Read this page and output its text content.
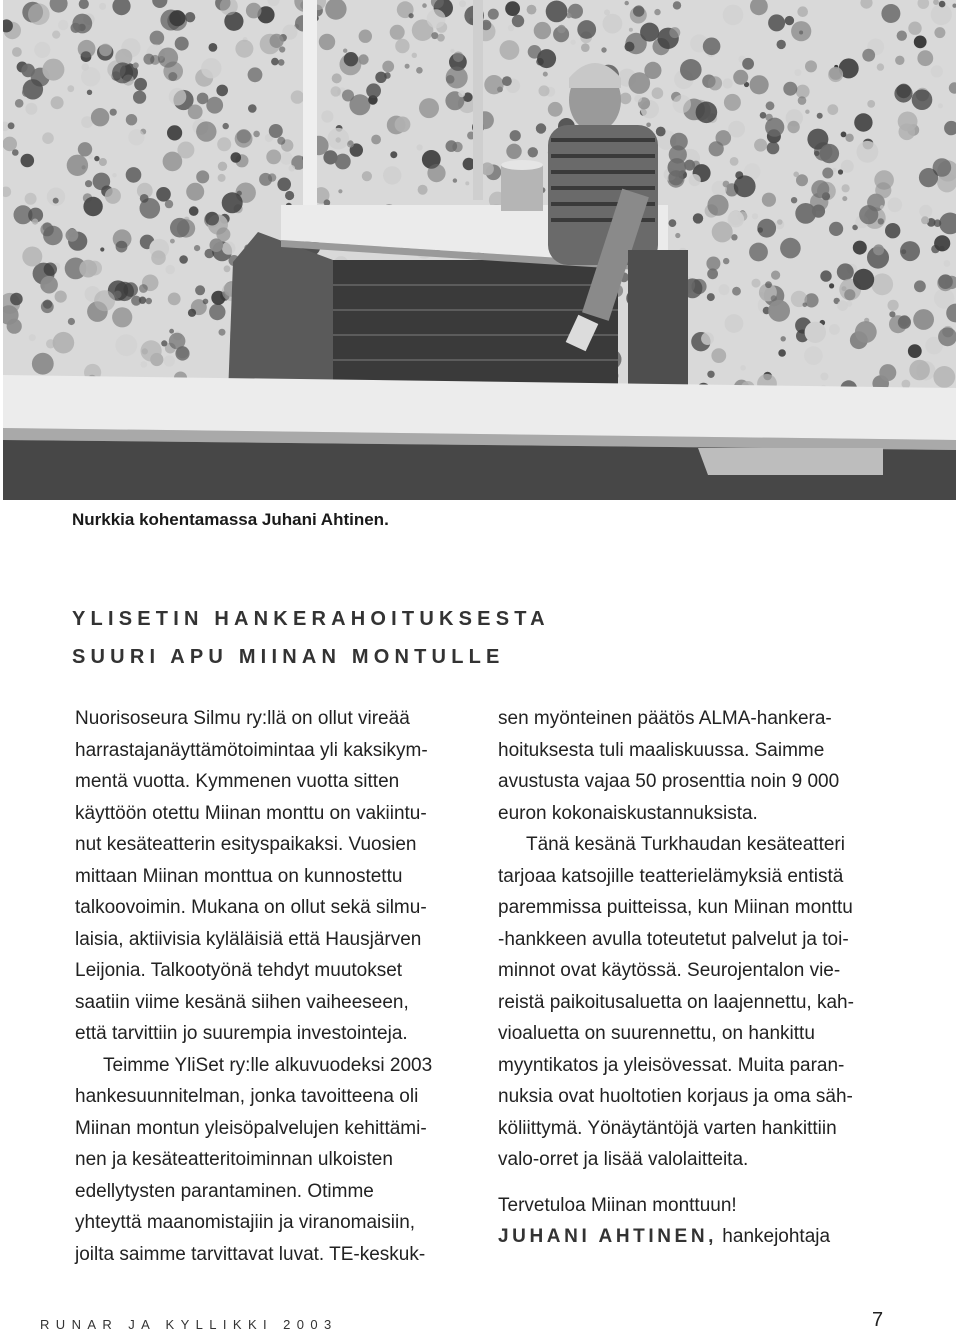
Nurkkia kohentamassa Juhani Ahtinen.
YLISETIN HANKERAHOITUKSESTA
SUURI APU MIINAN MONTULLE

Nuorisoseura Silmu ry:llä on ollut vireää
harrastajanäyttämötoimintaa yli kaksikym-
mentä vuotta. Kymmenen vuotta sitten
käyttöön otettu Miinan monttu on vakiintu-
nut kesäteatterin esityspaikaksi. Vuosien
mittaan Miinan monttua on kunnostettu
talkoovoimin. Mukana on ollut sekä silmu-
laisia, aktiivisia kyläläisiä että Hausjärven
Leijonia. Talkootyönä tehdyt muutokset
saatiin viime kesänä siihen vaiheeseen,
että tarvittiin jo suurempia investointeja.

Teimme YliSet ry:lle alkuvuodeksi 2003
hankesuunnitelman, jonka tavoitteena oli
Miinan montun yleisöpalvelujen kehittämi-
nen ja kesäteatteritoiminnan ulkoisten
edellytysten parantaminen. Otimme
yhteyttä maanomistajiin ja viranomaisiin,
joilta saimme tarvittavat luvat. TE-keskuk-

sen myönteinen päätös ALMA-hankera-
hoituksesta tuli maaliskuussa. Saimme
avustusta vajaa 50 prosenttia noin 9 000
euron kokonaiskustannuksista.

Tänä kesänä Turkhaudan kesäteatteri
tarjoaa katsojille teatterielämyksiä entistä
paremmissa puitteissa, kun Miinan monttu
-hankkeen avulla toteutetut palvelut ja toi-
minnot ovat käytössä. Seurojentalon vie-
reistä paikoitusaluetta on laajennettu, kah-
vioaluetta on suurennettu, on hankittu
myyntikatos ja yleisövessat. Muita paran-
nuksia ovat huoltotien korjaus ja oma säh-
köliittymä. Yönäytäntöjä varten hankittiin
valo-orret ja lisää valolaitteita.

Tervetuloa Miinan monttuun!

JUHANI AHTINEN, hankejohtaja

RUNAR JA KYLLIKKI 2003	7
